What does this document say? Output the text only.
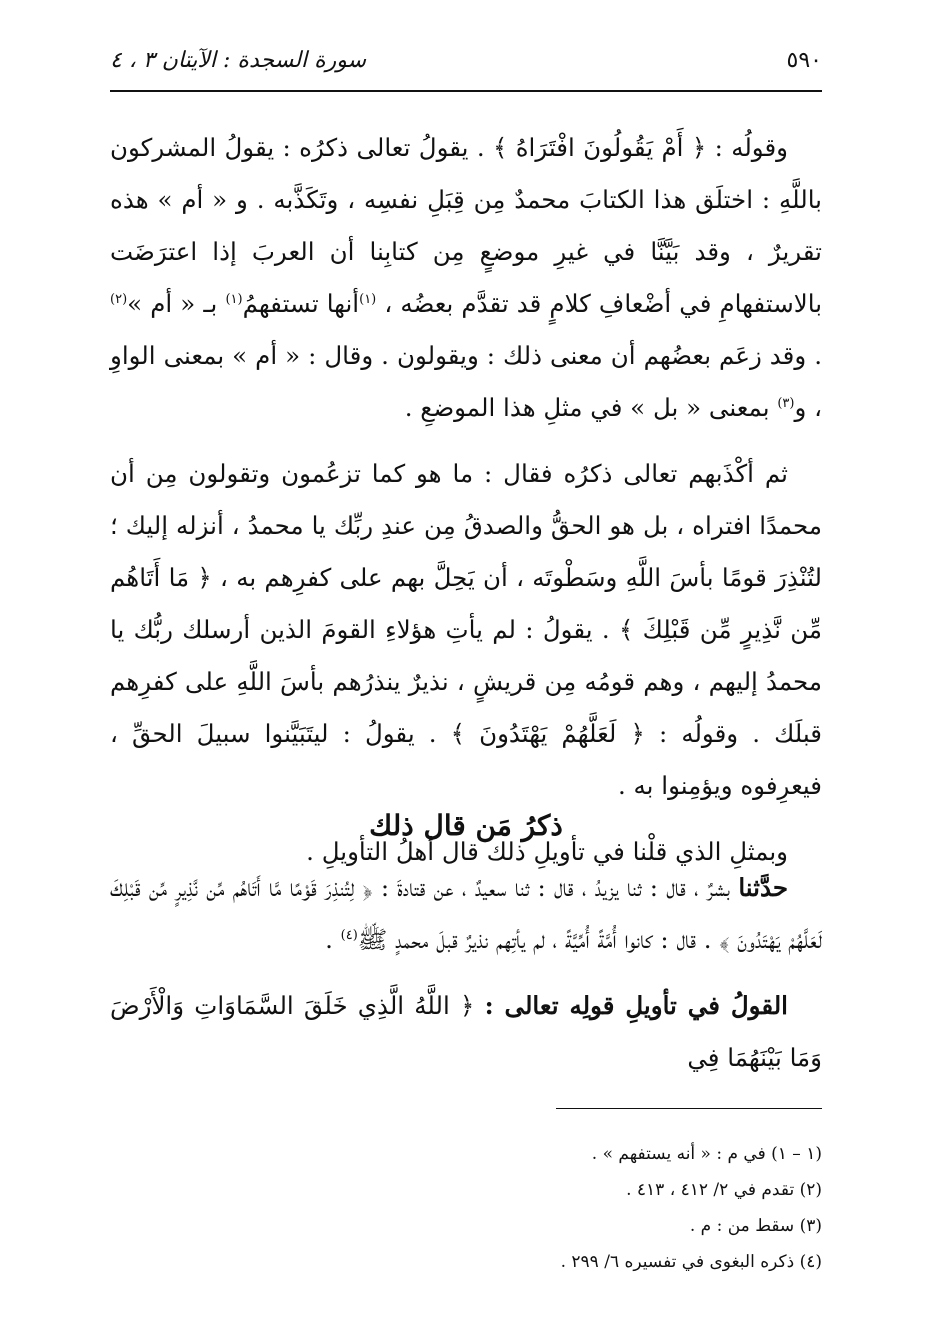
٥٩٠
سورة السجدة : الآيتان ٣ ، ٤

وقولُه : ﴿ أَمْ يَقُولُونَ افْتَرَاهُ ﴾ . يقولُ تعالى ذكرُه : يقولُ المشركون باللَّهِ : اختلَق هذا الكتابَ محمدٌ مِن قِبَلِ نفسِه ، وتَكَذَّبه . و « أم » هذه تقريرٌ ، وقد بَيَّنَّا في غيرِ موضعٍ مِن كتابِنا أن العربَ إذا اعترَضَت بالاستفهامِ في أضْعافِ كلامٍ قد تقدَّم بعضُه ، $^{(١)}$أنها تستفهمُ$^{(١)}$ بـ « أم »$^{(٢)}$ . وقد زعَم بعضُهم أن معنى ذلك : ويقولون . وقال : « أم » بمعنى الواوِ ، و$^{(٣)}$ بمعنى « بل » في مثلِ هذا الموضعِ .

ثم أكْذَبهم تعالى ذكرُه فقال : ما هو كما تزعُمون وتقولون مِن أن محمدًا افتراه ، بل هو الحقُّ والصدقُ مِن عندِ ربِّك يا محمدُ ، أنزله إليك ؛ لتُنْذِرَ قومًا بأسَ اللَّهِ وسَطْوتَه ، أن يَحِلَّ بهم على كفرِهم به ، ﴿ مَا أَتَاهُم مِّن نَّذِيرٍ مِّن قَبْلِكَ ﴾ . يقولُ : لم يأتِ هؤلاءِ القومَ الذين أرسلك ربُّك يا محمدُ إليهم ، وهم قومُه مِن قريشٍ ، نذيرٌ ينذرُهم بأسَ اللَّهِ على كفرِهم قبلَك . وقولُه : ﴿ لَعَلَّهُمْ يَهْتَدُونَ ﴾ . يقولُ : ليتَبَيَّنوا سبيلَ الحقِّ ، فيعرِفوه ويؤمِنوا به .

وبمثلِ الذي قلْنا في تأويلِ ذلك قال أهلُ التأويلِ .

ذكرُ مَن قال ذلك

حدَّثنا بشرٌ ، قال : ثنا يزيدُ ، قال : ثنا سعيدٌ ، عن قتادةَ : ﴿ لِتُنذِرَ قَوْمًا مَّا أَتَاهُم مِّن نَّذِيرٍ مِّن قَبْلِكَ لَعَلَّهُمْ يَهْتَدُونَ ﴾ . قال : كانوا أُمَّةً أُمِّيَّةً ، لم يأتِهم نذيرٌ قبلَ محمدٍ ﷺ$^{(٤)}$ .

القولُ في تأويلِ قولِه تعالى : ﴿ اللَّهُ الَّذِي خَلَقَ السَّمَاوَاتِ وَالْأَرْضَ وَمَا بَيْنَهُمَا فِي

(١ – ١) في م : « أنه يستفهم » .
(٢) تقدم في ٢/ ٤١٢ ، ٤١٣ .
(٣) سقط من : م .
(٤) ذكره البغوى في تفسيره ٦/ ٢٩٩ .
